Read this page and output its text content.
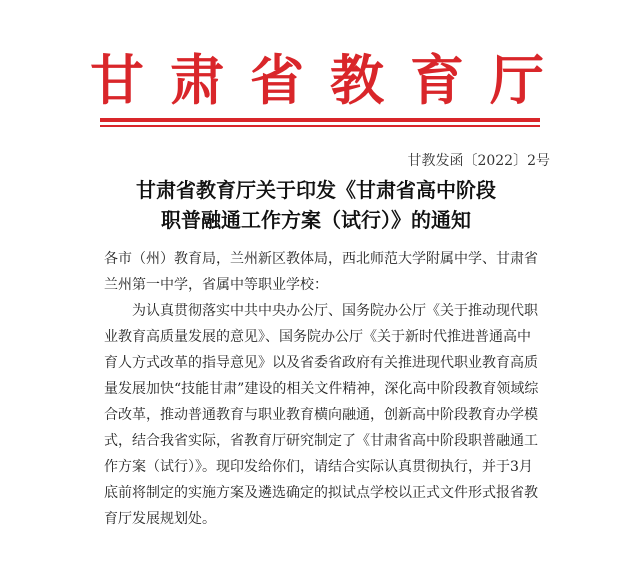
甘肃省教育厅
甘教发函〔2022〕2号
甘肃省教育厅关于印发《甘肃省高中阶段
职普融通工作方案（试行）》的通知

各市（州）教育局，兰州新区教体局，西北师范大学附属中学、甘肃省兰州第一中学，省属中等职业学校：

为认真贯彻落实中共中央办公厅、国务院办公厅《关于推动现代职业教育高质量发展的意见》、国务院办公厅《关于新时代推进普通高中育人方式改革的指导意见》以及省委省政府有关推进现代职业教育高质量发展加快“技能甘肃”建设的相关文件精神，深化高中阶段教育领域综合改革，推动普通教育与职业教育横向融通，创新高中阶段教育办学模式，结合我省实际，省教育厅研究制定了《甘肃省高中阶段职普融通工作方案（试行）》。现印发给你们，请结合实际认真贯彻执行，并于3月底前将制定的实施方案及遴选确定的拟试点学校以正式文件形式报省教育厅发展规划处。
